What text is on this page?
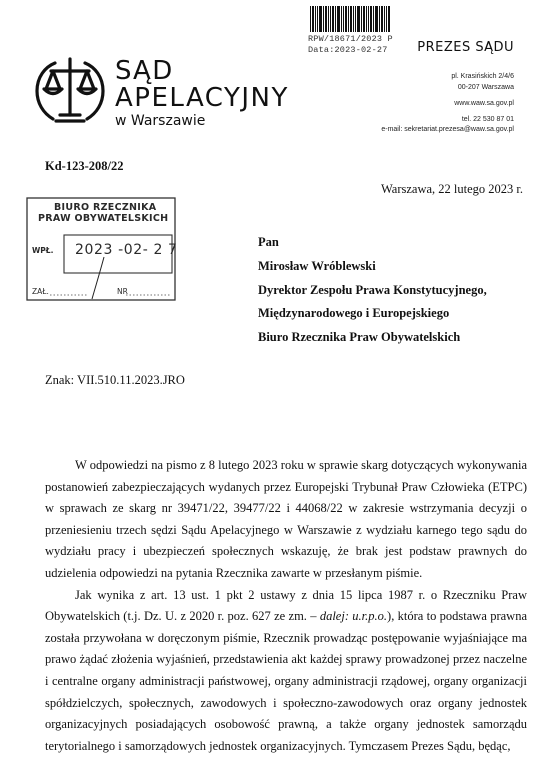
RPW/18671/2023 P
Data:2023-02-27
SĄD
APELACYJNY
w Warszawie
PREZES SĄDU
pl. Krasińskich 2/4/6
00-207 Warszawa
www.waw.sa.gov.pl
tel. 22 530 87 01
e-mail: sekretariat.prezesa@waw.sa.gov.pl
Kd-123-208/22
Warszawa, 22 lutego 2023 r.
BIURO RZECZNIKA
PRAW OBYWATELSKICH
WPŁ. 2023 -02- 2 7
ZAŁ.	NR
Pan
Mirosław Wróblewski
Dyrektor Zespołu Prawa Konstytucyjnego,
Międzynarodowego i Europejskiego
Biuro Rzecznika Praw Obywatelskich
Znak: VII.510.11.2023.JRO

W odpowiedzi na pismo z 8 lutego 2023 roku w sprawie skarg dotyczących wykonywania postanowień zabezpieczających wydanych przez Europejski Trybunał Praw Człowieka (ETPC) w sprawach ze skarg nr 39471/22, 39477/22 i 44068/22 w zakresie wstrzymania decyzji o przeniesieniu trzech sędzi Sądu Apelacyjnego w Warszawie z wydziału karnego tego sądu do wydziału pracy i ubezpieczeń społecznych wskazuję, że brak jest podstaw prawnych do udzielenia odpowiedzi na pytania Rzecznika zawarte w przesłanym piśmie.

Jak wynika z art. 13 ust. 1 pkt 2 ustawy z dnia 15 lipca 1987 r. o Rzeczniku Praw Obywatelskich (t.j. Dz. U. z 2020 r. poz. 627 ze zm. – dalej: u.r.p.o.), która to podstawa prawna została przywołana w doręczonym piśmie, Rzecznik prowadząc postępowanie wyjaśniające ma prawo żądać złożenia wyjaśnień, przedstawienia akt każdej sprawy prowadzonej przez naczelne i centralne organy administracji państwowej, organy administracji rządowej, organy organizacji spółdzielczych, społecznych, zawodowych i społeczno-zawodowych oraz organy jednostek organizacyjnych posiadających osobowość prawną, a także organy jednostek samorządu terytorialnego i samorządowych jednostek organizacyjnych. Tymczasem Prezes Sądu, będąc,
